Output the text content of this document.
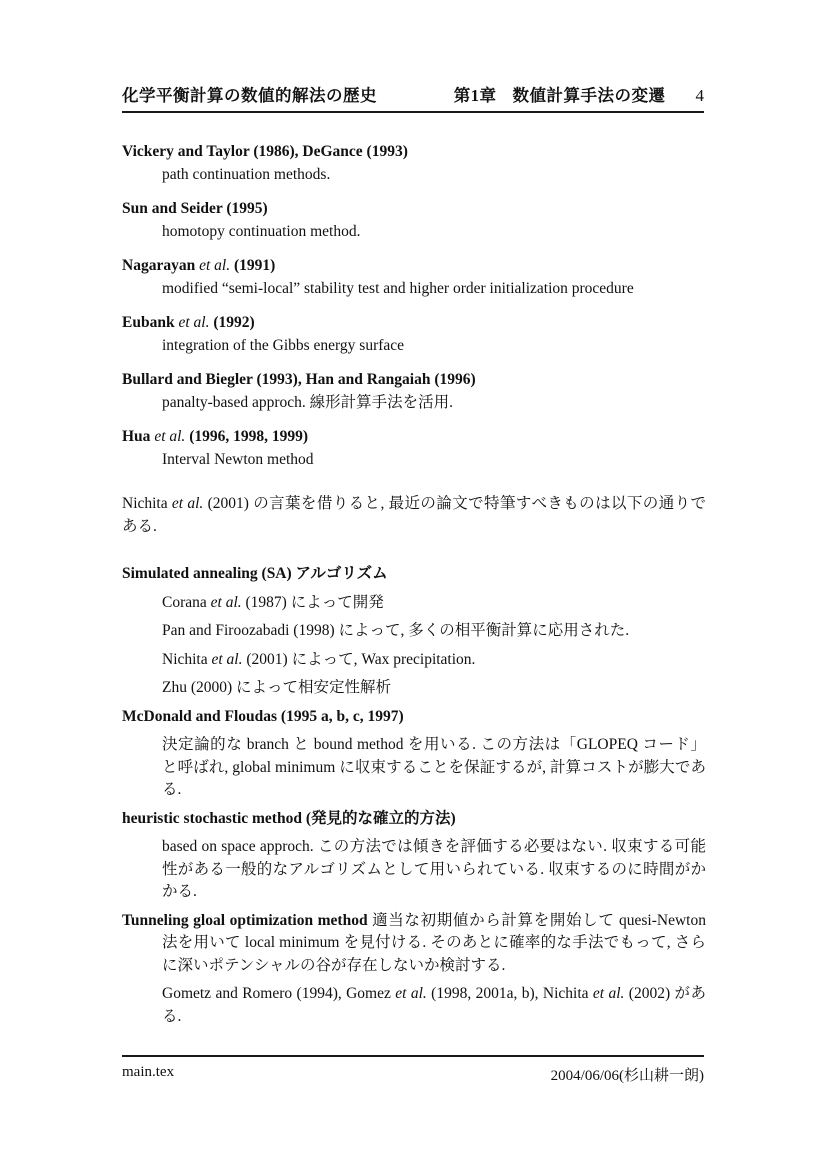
化学平衡計算の数値的解法の歴史	第1章 数値計算手法の変遷 4
Vickery and Taylor (1986), DeGance (1993)
path continuation methods.
Sun and Seider (1995)
homotopy continuation method.
Nagarayan et al. (1991)
modified “semi-local” stability test and higher order initialization procedure
Eubank et al. (1992)
integration of the Gibbs energy surface
Bullard and Biegler (1993), Han and Rangaiah (1996)
panalty-based approch. 線形計算手法を活用.
Hua et al. (1996, 1998, 1999)
Interval Newton method
Nichita et al. (2001) の言葉を借りると, 最近の論文で特筆すべきものは以下の通りである.
Simulated annealing (SA) アルゴリズム
Corana et al. (1987) によって開発
Pan and Firoozabadi (1998) によって, 多くの相平衡計算に応用された.
Nichita et al. (2001) によって, Wax precipitation.
Zhu (2000) によって相安定性解析
McDonald and Floudas (1995 a, b, c, 1997)
決定論的な branch と bound method を用いる. この方法は「GLOPEQ コード」と呼ばれ, global minimum に収束することを保証するが, 計算コストが膨大である.
heuristic stochastic method (発見的な確立的方法)
based on space approch. この方法では傾きを評価する必要はない. 収束する可能性がある一般的なアルゴリズムとして用いられている. 収束するのに時間がかかる.
Tunneling gloal optimization method 適当な初期値から計算を開始して quesi-Newton 法を用いて local minimum を見付ける. そのあとに確率的な手法でもって, さらに深いポテンシャルの谷が存在しないか検討する.
Gometz and Romero (1994), Gomez et al. (1998, 2001a, b), Nichita et al. (2002) がある.
main.tex	2004/06/06(杉山耕一朗)
